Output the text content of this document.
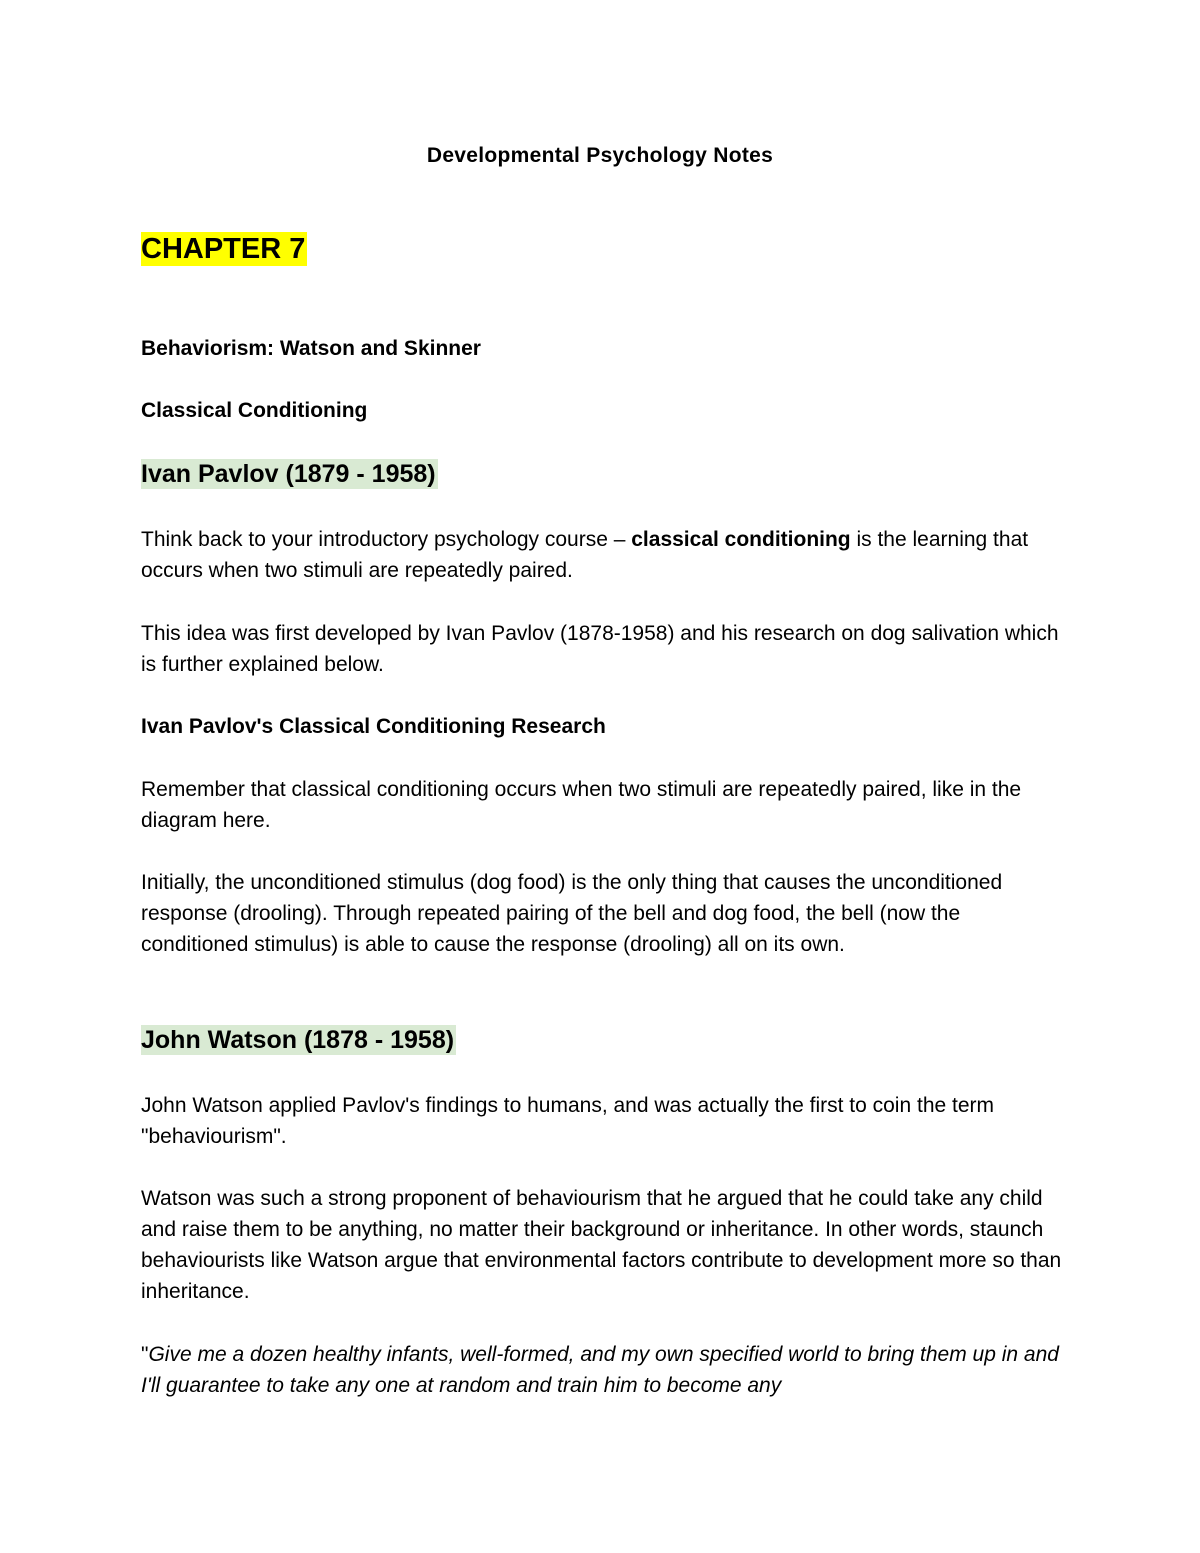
Developmental Psychology Notes
CHAPTER 7
Behaviorism: Watson and Skinner
Classical Conditioning
Ivan Pavlov (1879 - 1958)

Think back to your introductory psychology course – classical conditioning is the learning that occurs when two stimuli are repeatedly paired.

This idea was first developed by Ivan Pavlov (1878-1958) and his research on dog salivation which is further explained below.

Ivan Pavlov's Classical Conditioning Research

Remember that classical conditioning occurs when two stimuli are repeatedly paired, like in the diagram here.

Initially, the unconditioned stimulus (dog food) is the only thing that causes the unconditioned response (drooling). Through repeated pairing of the bell and dog food, the bell (now the conditioned stimulus) is able to cause the response (drooling) all on its own.

John Watson (1878 - 1958)

John Watson applied Pavlov's findings to humans, and was actually the first to coin the term "behaviourism".

Watson was such a strong proponent of behaviourism that he argued that he could take any child and raise them to be anything, no matter their background or inheritance. In other words, staunch behaviourists like Watson argue that environmental factors contribute to development more so than inheritance.

"Give me a dozen healthy infants, well-formed, and my own specified world to bring them up in and I'll guarantee to take any one at random and train him to become any
